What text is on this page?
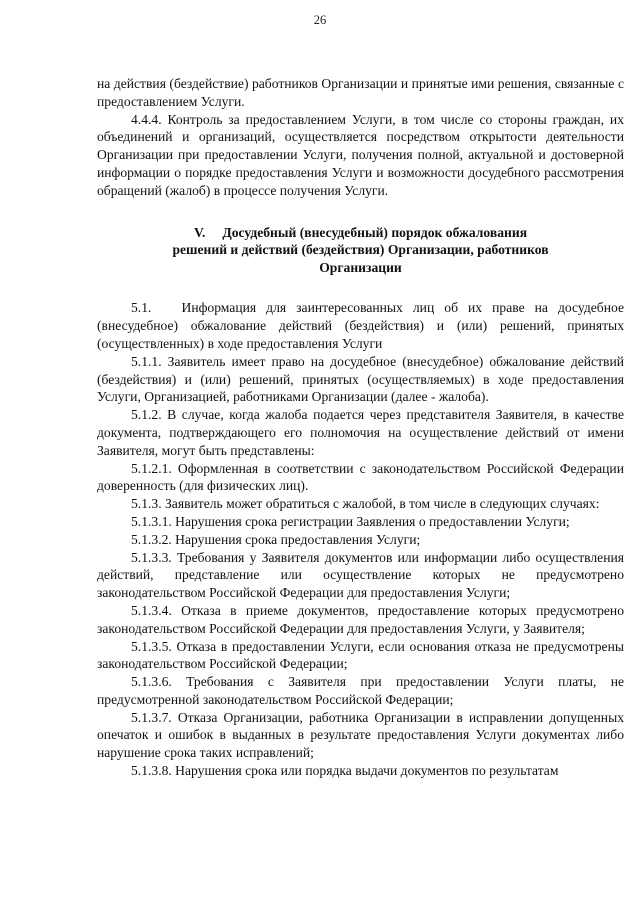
26

на действия (бездействие) работников Организации и принятые ими решения, связанные с предоставлением Услуги.

4.4.4. Контроль за предоставлением Услуги, в том числе со стороны граждан, их объединений и организаций, осуществляется посредством открытости деятельности Организации при предоставлении Услуги, получения полной, актуальной и достоверной информации о порядке предоставления Услуги и возможности досудебного рассмотрения обращений (жалоб) в процессе получения Услуги.

V.     Досудебный (внесудебный) порядок обжалования
решений и действий (бездействия) Организации, работников
Организации

5.1.   Информация для заинтересованных лиц об их праве на досудебное (внесудебное) обжалование действий (бездействия) и (или) решений, принятых (осуществленных) в ходе предоставления Услуги

5.1.1. Заявитель имеет право на досудебное (внесудебное) обжалование действий (бездействия) и (или) решений, принятых (осуществляемых) в ходе предоставления Услуги, Организацией, работниками Организации (далее - жалоба).

5.1.2. В случае, когда жалоба подается через представителя Заявителя, в качестве документа, подтверждающего его полномочия на осуществление действий от имени Заявителя, могут быть представлены:

5.1.2.1. Оформленная в соответствии с законодательством Российской Федерации доверенность (для физических лиц).

5.1.3. Заявитель может обратиться с жалобой, в том числе в следующих случаях:

5.1.3.1. Нарушения срока регистрации Заявления о предоставлении Услуги;

5.1.3.2. Нарушения срока предоставления Услуги;

5.1.3.3. Требования у Заявителя документов или информации либо осуществления действий, представление или осуществление которых не предусмотрено законодательством Российской Федерации для предоставления Услуги;

5.1.3.4. Отказа в приеме документов, предоставление которых предусмотрено законодательством Российской Федерации для предоставления Услуги, у Заявителя;

5.1.3.5. Отказа в предоставлении Услуги, если основания отказа не предусмотрены законодательством Российской Федерации;

5.1.3.6. Требования с Заявителя при предоставлении Услуги платы, не предусмотренной законодательством Российской Федерации;

5.1.3.7. Отказа Организации, работника Организации в исправлении допущенных опечаток и ошибок в выданных в результате предоставления Услуги документах либо нарушение срока таких исправлений;

5.1.3.8. Нарушения срока или порядка выдачи документов по результатам
